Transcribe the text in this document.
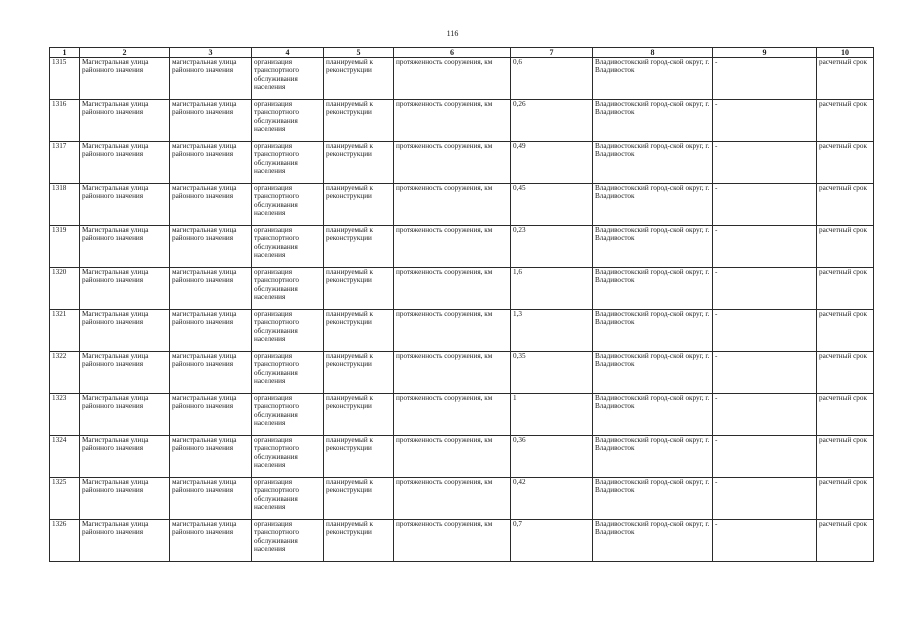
116
1	2	3	4	5	6	7	8	9	10
1315	Магистральная улица районного значения	магистральная улица районного значения	организация транспортного обслуживания населения	планируемый к реконструкции	протяженность сооружения, км	0,6	Владивостокский город-ской округ, г. Владивосток	-	расчетный срок
1316	Магистральная улица районного значения	магистральная улица районного значения	организация транспортного обслуживания населения	планируемый к реконструкции	протяженность сооружения, км	0,26	Владивостокский город-ской округ, г. Владивосток	-	расчетный срок
1317	Магистральная улица районного значения	магистральная улица районного значения	организация транспортного обслуживания населения	планируемый к реконструкции	протяженность сооружения, км	0,49	Владивостокский город-ской округ, г. Владивосток	-	расчетный срок
1318	Магистральная улица районного значения	магистральная улица районного значения	организация транспортного обслуживания населения	планируемый к реконструкции	протяженность сооружения, км	0,45	Владивостокский город-ской округ, г. Владивосток	-	расчетный срок
1319	Магистральная улица районного значения	магистральная улица районного значения	организация транспортного обслуживания населения	планируемый к реконструкции	протяженность сооружения, км	0,23	Владивостокский город-ской округ, г. Владивосток	-	расчетный срок
1320	Магистральная улица районного значения	магистральная улица районного значения	организация транспортного обслуживания населения	планируемый к реконструкции	протяженность сооружения, км	1,6	Владивостокский город-ской округ, г. Владивосток	-	расчетный срок
1321	Магистральная улица районного значения	магистральная улица районного значения	организация транспортного обслуживания населения	планируемый к реконструкции	протяженность сооружения, км	1,3	Владивостокский город-ской округ, г. Владивосток	-	расчетный срок
1322	Магистральная улица районного значения	магистральная улица районного значения	организация транспортного обслуживания населения	планируемый к реконструкции	протяженность сооружения, км	0,35	Владивостокский город-ской округ, г. Владивосток	-	расчетный срок
1323	Магистральная улица районного значения	магистральная улица районного значения	организация транспортного обслуживания населения	планируемый к реконструкции	протяженность сооружения, км	1	Владивостокский город-ской округ, г. Владивосток	-	расчетный срок
1324	Магистральная улица районного значения	магистральная улица районного значения	организация транспортного обслуживания населения	планируемый к реконструкции	протяженность сооружения, км	0,36	Владивостокский город-ской округ, г. Владивосток	-	расчетный срок
1325	Магистральная улица районного значения	магистральная улица районного значения	организация транспортного обслуживания населения	планируемый к реконструкции	протяженность сооружения, км	0,42	Владивостокский город-ской округ, г. Владивосток	-	расчетный срок
1326	Магистральная улица районного значения	магистральная улица районного значения	организация транспортного обслуживания населения	планируемый к реконструкции	протяженность сооружения, км	0,7	Владивостокский город-ской округ, г. Владивосток	-	расчетный срок
